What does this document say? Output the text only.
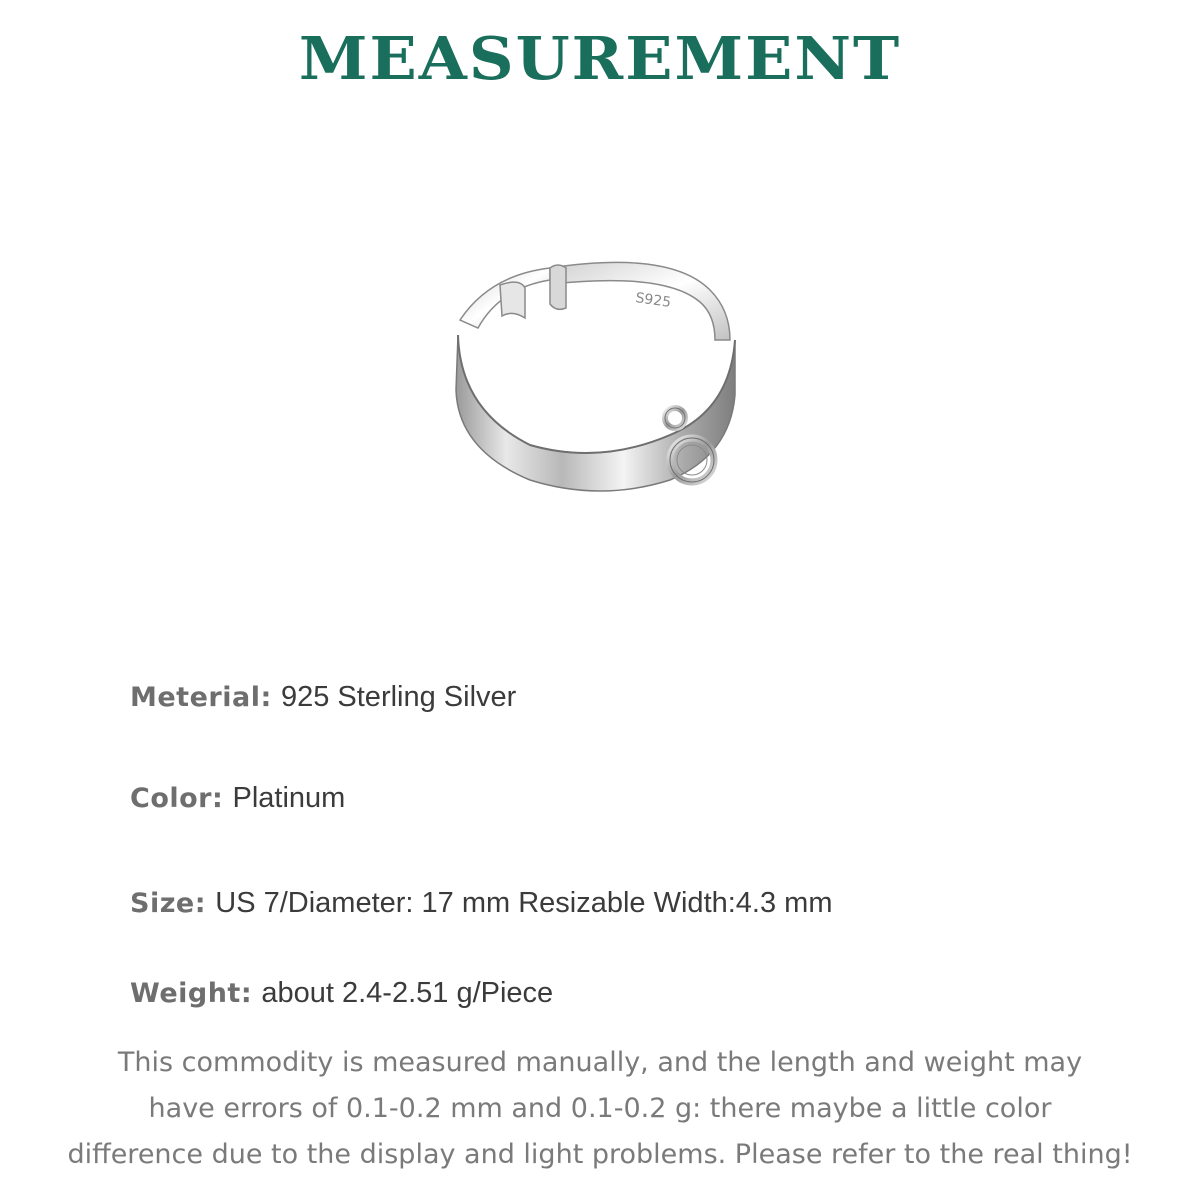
MEASUREMENT
S925
Meterial: 925 Sterling Silver
Color: Platinum
Size: US 7/Diameter: 17 mm Resizable Width:4.3 mm
Weight: about 2.4-2.51 g/Piece
This commodity is measured manually, and the length and weight may
have errors of 0.1-0.2 mm and 0.1-0.2 g: there maybe a little color
difference due to the display and light problems. Please refer to the real thing!
